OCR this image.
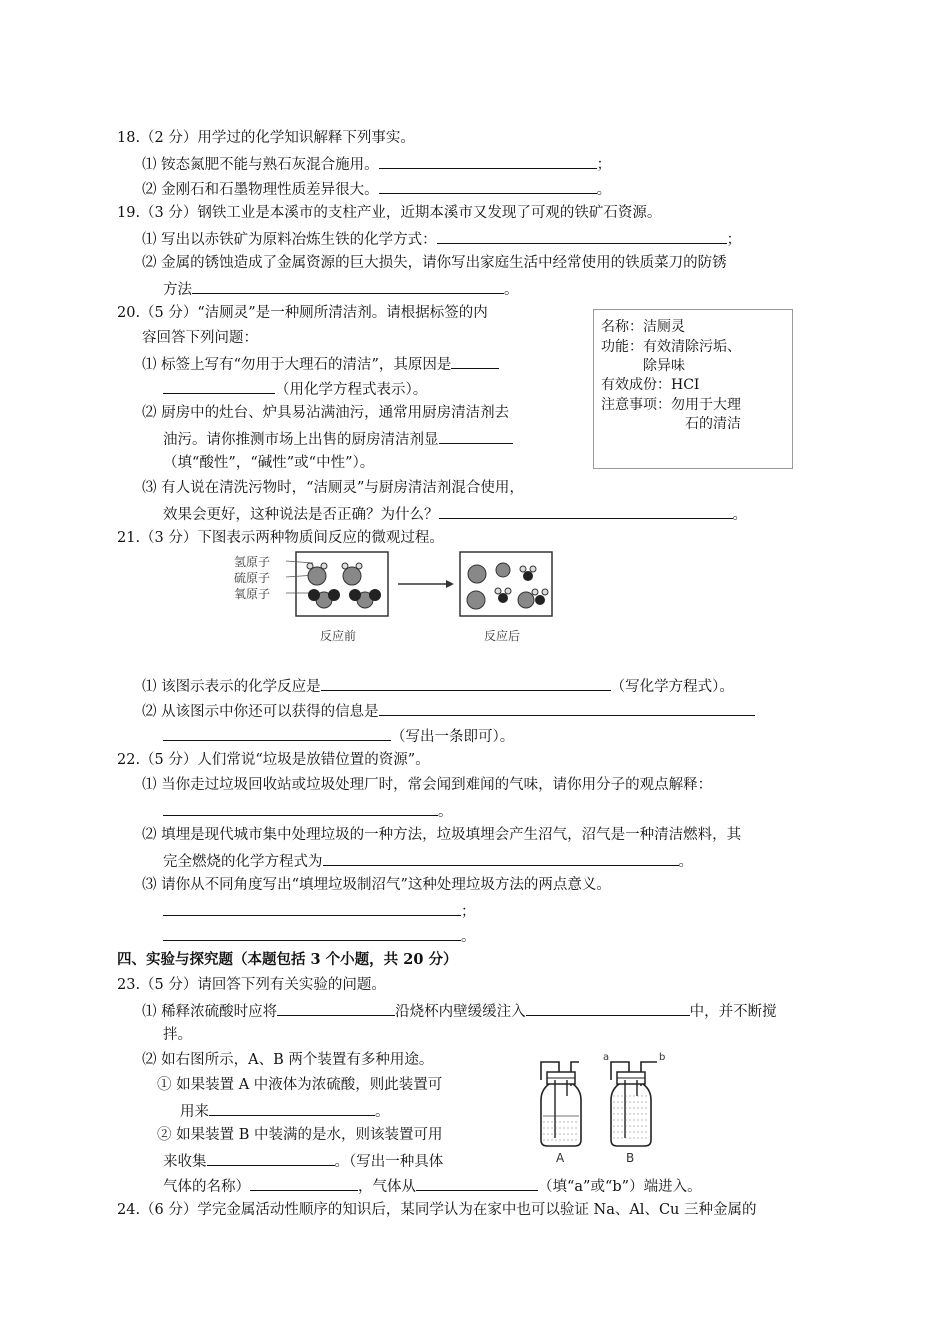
18.（2 分）用学过的化学知识解释下列事实。
⑴ 铵态氮肥不能与熟石灰混合施用。	；
⑵ 金刚石和石墨物理性质差异很大。	。
19.（3 分）钢铁工业是本溪市的支柱产业，近期本溪市又发现了可观的铁矿石资源。
⑴ 写出以赤铁矿为原料冶炼生铁的化学方式：	；
⑵ 金属的锈蚀造成了金属资源的巨大损失，请你写出家庭生活中经常使用的铁质菜刀的防锈
方法	。
20.（5 分）“洁厕灵”是一种厕所清洁剂。请根据标签的内
容回答下列问题：
⑴ 标签上写有“勿用于大理石的清洁”，其原因是
（用化学方程式表示）。
⑵ 厨房中的灶台、炉具易沾满油污，通常用厨房清洁剂去
油污。请你推测市场上出售的厨房清洁剂显
（填“酸性”，“碱性”或“中性”）。
⑶ 有人说在清洗污物时，“洁厕灵”与厨房清洁剂混合使用，
效果会更好，这种说法是否正确？为什么？	。
名称：洁厕灵
功能：有效清除污垢、
除异味
有效成份：HCI
注意事项：勿用于大理
石的清洁
21.（3 分）下图表示两种物质间反应的微观过程。
氢原子
硫原子
氧原子
反应前	反应后
⑴ 该图示表示的化学反应是	（写化学方程式）。
⑵ 从该图示中你还可以获得的信息是
（写出一条即可）。
22.（5 分）人们常说“垃圾是放错位置的资源”。
⑴ 当你走过垃圾回收站或垃圾处理厂时，常会闻到难闻的气味，请你用分子的观点解释：
。
⑵ 填埋是现代城市集中处理垃圾的一种方法，垃圾填埋会产生沼气，沼气是一种清洁燃料，其
完全燃烧的化学方程式为	。
⑶ 请你从不同角度写出“填埋垃圾制沼气”这种处理垃圾方法的两点意义。
；
。
四、实验与探究题（本题包括 3 个小题，共 20 分）
23.（5 分）请回答下列有关实验的问题。
⑴ 稀释浓硫酸时应将	沿烧杯内壁缓缓注入	中，并不断搅
拌。
⑵ 如右图所示，A、B 两个装置有多种用途。
① 如果装置 A 中液体为浓硫酸，则此装置可
用来	。
② 如果装置 B 中装满的是水，则该装置可用
来收集	。（写出一种具体
气体的名称）	，气体从	（填“a”或“b”）端进入。
a	b
A	B
24.（6 分）学完金属活动性顺序的知识后，某同学认为在家中也可以验证 Na、Al、Cu 三种金属的
